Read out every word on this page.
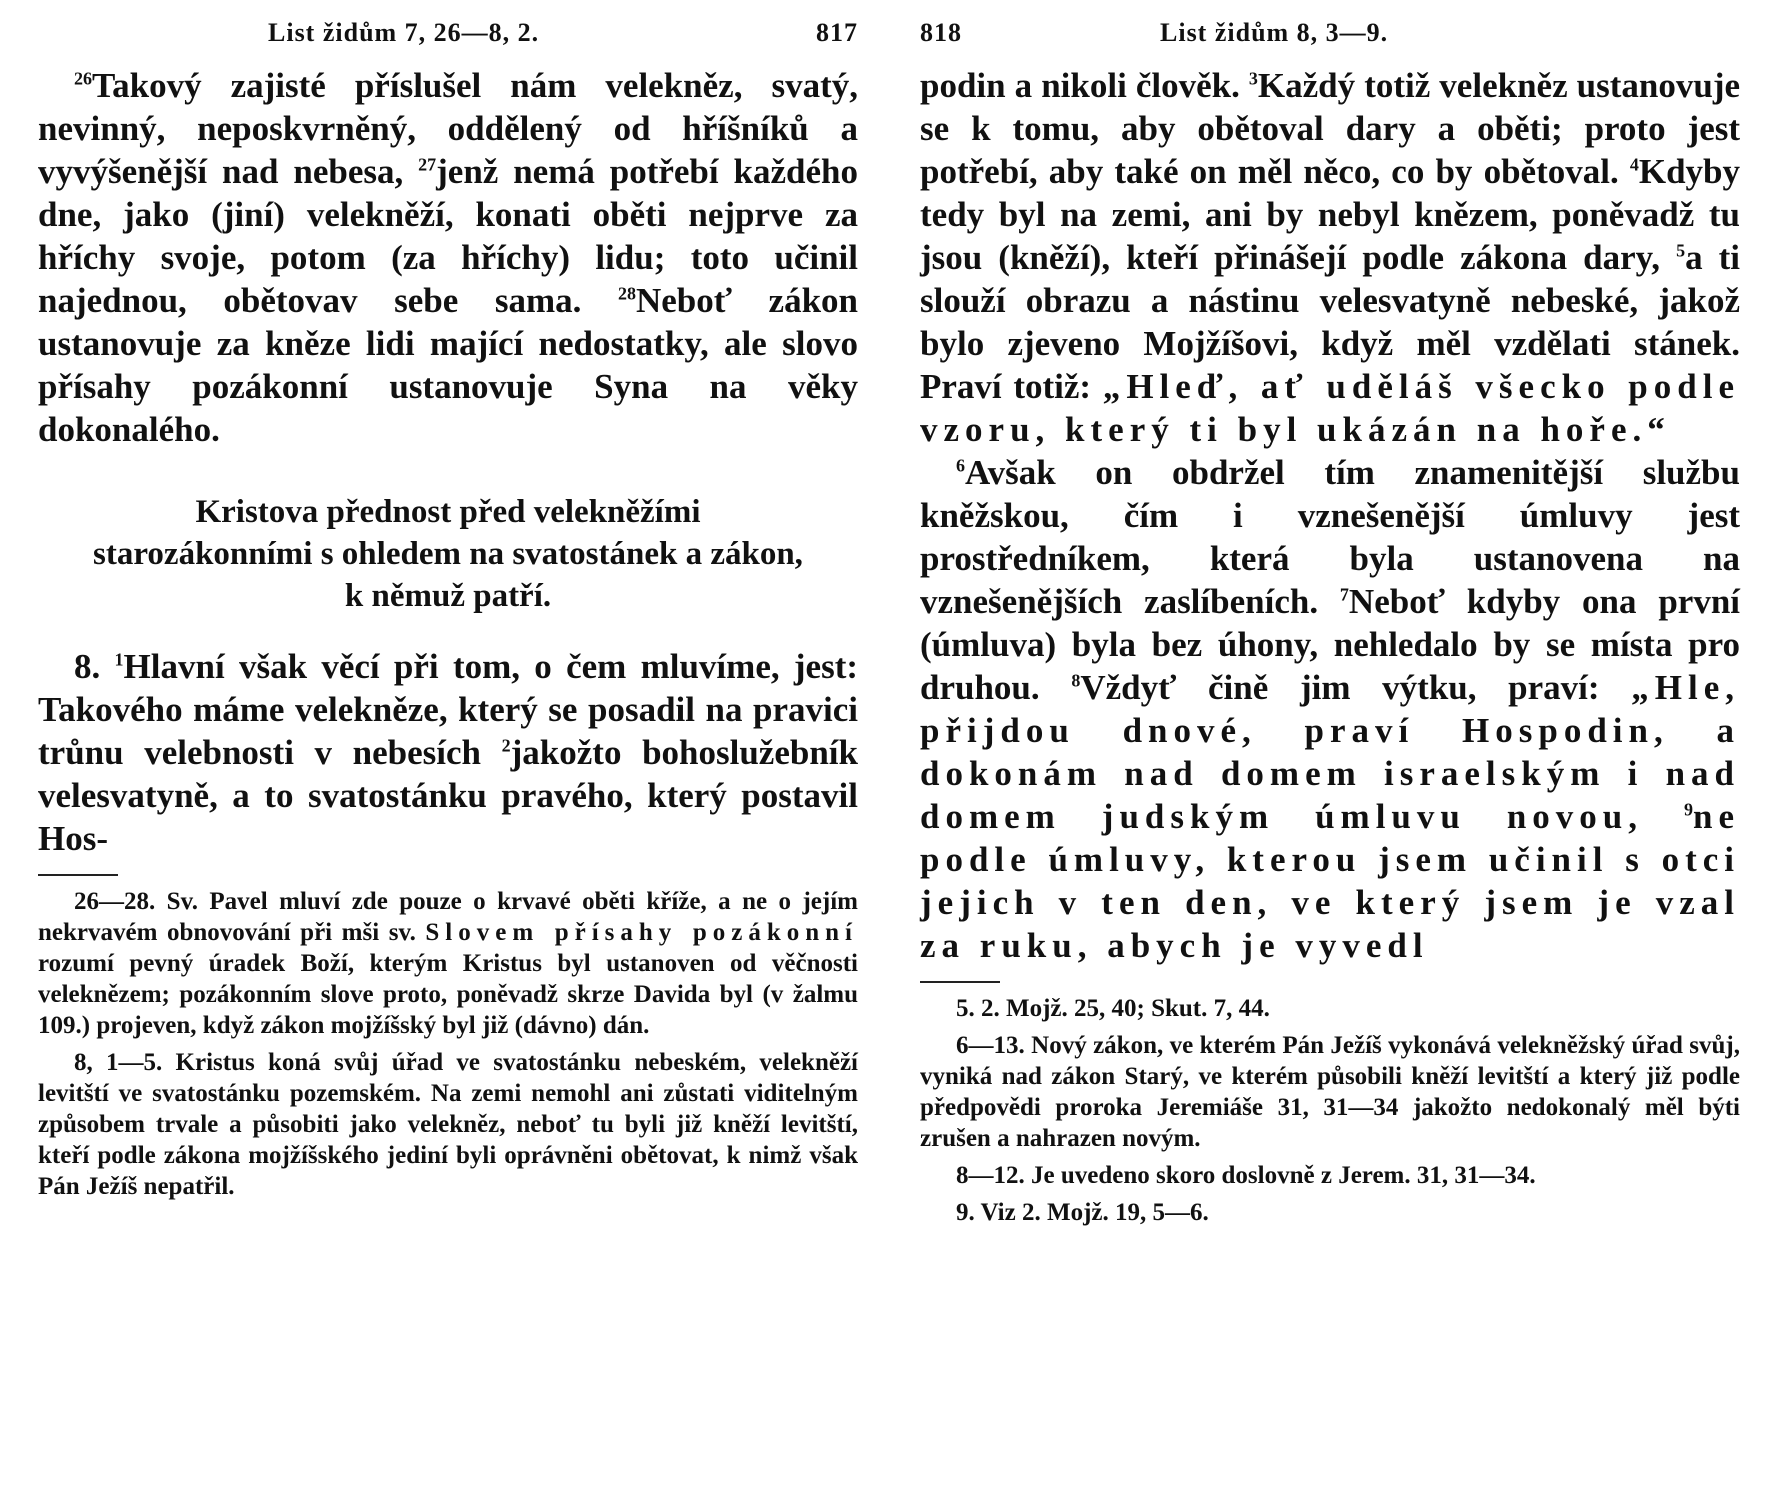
List židům 7, 26—8, 2.	817

$^{26}$Takový zajisté příslušel nám velekněz, svatý, nevinný, neposkvrněný, oddělený od hříšníků a vyvýšenější nad nebesa, $^{27}$jenž nemá potřebí každého dne, jako (jiní) velekněží, konati oběti nejprve za hříchy svoje, potom (za hříchy) lidu; toto učinil najednou, obětovav sebe sama. $^{28}$Neboť zákon ustanovuje za kněze lidi mající nedostatky, ale slovo přísahy pozákonní ustanovuje Syna na věky dokonalého.

Kristova přednost před velekněžími starozákonními s ohledem na svatostánek a zákon, k němuž patří.

8. $^1$Hlavní však věcí při tom, o čem mluvíme, jest: Takového máme velekněze, který se posadil na pravici trůnu velebnosti v nebesích $^2$jakožto bohoslužebník velesvatyně, a to svatostánku pravého, který postavil Hos-

26—28. Sv. Pavel mluví zde pouze o krvavé oběti kříže, a ne o jejím nekrvavém obnovování při mši sv. Slovem přísahy pozákonní rozumí pevný úradek Boží, kterým Kristus byl ustanoven od věčnosti veleknězem; pozákonním slove proto, poněvadž skrze Davida byl (v žalmu 109.) projeven, když zákon mojžíšský byl již (dávno) dán.

8, 1—5. Kristus koná svůj úřad ve svatostánku nebeském, velekněží levitští ve svatostánku pozemském. Na zemi nemohl ani zůstati viditelným způsobem trvale a působiti jako velekněz, neboť tu byli již kněží levitští, kteří podle zákona mojžíšského jediní byli oprávněni obětovat, k nimž však Pán Ježíš nepatřil.

818	List židům 8, 3—9.

podin a nikoli člověk. $^3$Každý totiž velekněz ustanovuje se k tomu, aby obětoval dary a oběti; proto jest potřebí, aby také on měl něco, co by obětoval. $^4$Kdyby tedy byl na zemi, ani by nebyl knězem, poněvadž tu jsou (kněží), kteří přinášejí podle zákona dary, $^5$a ti slouží obrazu a nástinu velesvatyně nebeské, jakož bylo zjeveno Mojžíšovi, když měl vzdělati stánek. Praví totiž: „Hleď, ať uděláš všecko podle vzoru, který ti byl ukázán na hoře.“

$^6$Avšak on obdržel tím znamenitější službu kněžskou, čím i vznešenější úmluvy jest prostředníkem, která byla ustanovena na vznešenějších zaslíbeních. $^7$Neboť kdyby ona první (úmluva) byla bez úhony, nehledalo by se místa pro druhou. $^8$Vždyť čině jim výtku, praví: „Hle, přijdou dnové, praví Hospodin, a dokonám nad domem israelským i nad domem judským úmluvu novou, $^9$ne podle úmluvy, kterou jsem učinil s otci jejich v ten den, ve který jsem je vzal za ruku, abych je vyvedl

5. 2. Mojž. 25, 40; Skut. 7, 44.

6—13. Nový zákon, ve kterém Pán Ježíš vykonává velekněžský úřad svůj, vyniká nad zákon Starý, ve kterém působili kněží levitští a který již podle předpovědi proroka Jeremiáše 31, 31—34 jakožto nedokonalý měl býti zrušen a nahrazen novým.

8—12. Je uvedeno skoro doslovně z Jerem. 31, 31—34.

9. Viz 2. Mojž. 19, 5—6.
